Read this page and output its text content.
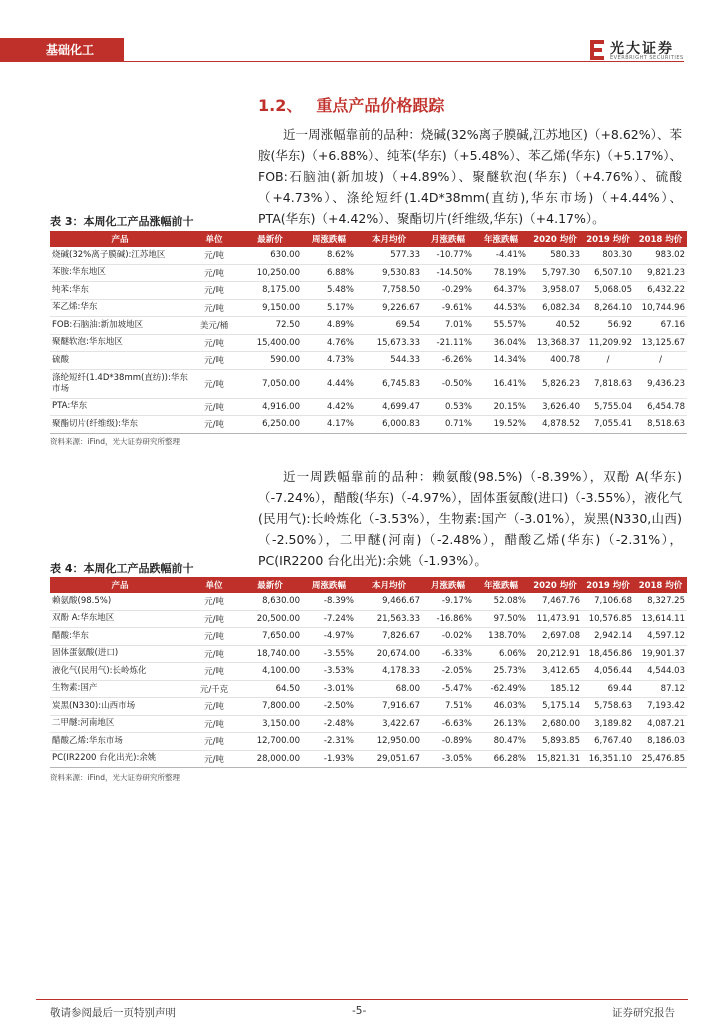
基础化工	光大证券
EVERBRIGHT SECURITIES
1.2、 重点产品价格跟踪
近一周涨幅靠前的品种：烧碱(32%离子膜碱,江苏地区)（+8.62%）、苯胺(华东)（+6.88%）、纯苯(华东)（+5.48%）、苯乙烯(华东)（+5.17%）、FOB:石脑油(新加坡)（+4.89%）、聚醚软泡(华东)（+4.76%）、硫酸（+4.73%）、涤纶短纤(1.4D*38mm(直纺),华东市场)（+4.44%）、PTA(华东)（+4.42%）、聚酯切片(纤维级,华东)（+4.17%）。
表 3：本周化工产品涨幅前十
产品	单位	最新价	周涨跌幅	本月均价	月涨跌幅	年涨跌幅	2020 均价	2019 均价	2018 均价
烧碱(32%离子膜碱):江苏地区	元/吨	630.00	8.62%	577.33	-10.77%	-4.41%	580.33	803.30	983.02
苯胺:华东地区	元/吨	10,250.00	6.88%	9,530.83	-14.50%	78.19%	5,797.30	6,507.10	9,821.23
纯苯:华东	元/吨	8,175.00	5.48%	7,758.50	-0.29%	64.37%	3,958.07	5,068.05	6,432.22
苯乙烯:华东	元/吨	9,150.00	5.17%	9,226.67	-9.61%	44.53%	6,082.34	8,264.10	10,744.96
FOB:石脑油:新加坡地区	美元/桶	72.50	4.89%	69.54	7.01%	55.57%	40.52	56.92	67.16
聚醚软泡:华东地区	元/吨	15,400.00	4.76%	15,673.33	-21.11%	36.04%	13,368.37	11,209.92	13,125.67
硫酸	元/吨	590.00	4.73%	544.33	-6.26%	14.34%	400.78	/	/
涤纶短纤(1.4D*38mm(直纺)):华东市场	元/吨	7,050.00	4.44%	6,745.83	-0.50%	16.41%	5,826.23	7,818.63	9,436.23
PTA:华东	元/吨	4,916.00	4.42%	4,699.47	0.53%	20.15%	3,626.40	5,755.04	6,454.78
聚酯切片(纤维级):华东	元/吨	6,250.00	4.17%	6,000.83	0.71%	19.52%	4,878.52	7,055.41	8,518.63
资料来源：iFind，光大证券研究所整理
近一周跌幅靠前的品种：赖氨酸(98.5%)（-8.39%），双酚 A(华东)（-7.24%），醋酸(华东)（-4.97%），固体蛋氨酸(进口)（-3.55%），液化气(民用气):长岭炼化（-3.53%），生物素:国产（-3.01%），炭黑(N330,山西)（-2.50%），二甲醚(河南)（-2.48%），醋酸乙烯(华东)（-2.31%），PC(IR2200 台化出光):余姚（-1.93%）。
表 4：本周化工产品跌幅前十
产品	单位	最新价	周涨跌幅	本月均价	月涨跌幅	年涨跌幅	2020 均价	2019 均价	2018 均价
赖氨酸(98.5%)	元/吨	8,630.00	-8.39%	9,466.67	-9.17%	52.08%	7,467.76	7,106.68	8,327.25
双酚 A:华东地区	元/吨	20,500.00	-7.24%	21,563.33	-16.86%	97.50%	11,473.91	10,576.85	13,614.11
醋酸:华东	元/吨	7,650.00	-4.97%	7,826.67	-0.02%	138.70%	2,697.08	2,942.14	4,597.12
固体蛋氨酸(进口)	元/吨	18,740.00	-3.55%	20,674.00	-6.33%	6.06%	20,212.91	18,456.86	19,901.37
液化气(民用气):长岭炼化	元/吨	4,100.00	-3.53%	4,178.33	-2.05%	25.73%	3,412.65	4,056.44	4,544.03
生物素:国产	元/千克	64.50	-3.01%	68.00	-5.47%	-62.49%	185.12	69.44	87.12
炭黑(N330):山西市场	元/吨	7,800.00	-2.50%	7,916.67	7.51%	46.03%	5,175.14	5,758.63	7,193.42
二甲醚:河南地区	元/吨	3,150.00	-2.48%	3,422.67	-6.63%	26.13%	2,680.00	3,189.82	4,087.21
醋酸乙烯:华东市场	元/吨	12,700.00	-2.31%	12,950.00	-0.89%	80.47%	5,893.85	6,767.40	8,186.03
PC(IR2200 台化出光):余姚	元/吨	28,000.00	-1.93%	29,051.67	-3.05%	66.28%	15,821.31	16,351.10	25,476.85
资料来源：iFind，光大证券研究所整理
敬请参阅最后一页特别声明	-5-	证券研究报告
